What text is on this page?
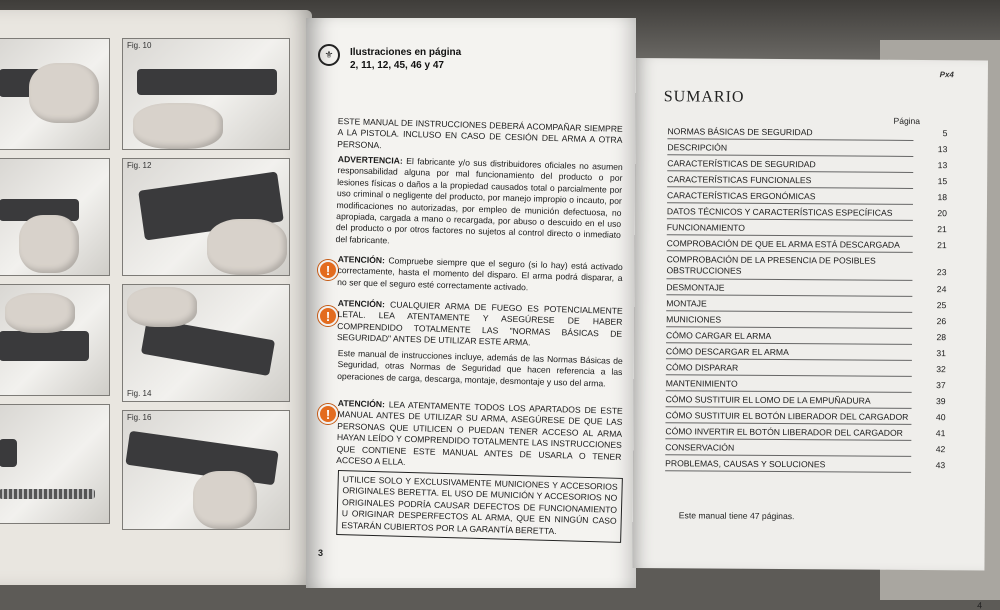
Fig. 10
Fig. 12
Fig. 14
Fig. 16
⚜	Ilustraciones en página
2, 11, 12, 45, 46 y 47
ESTE MANUAL DE INSTRUCCIONES DEBERÁ ACOMPAÑAR SIEMPRE A LA PISTOLA. INCLUSO EN CASO DE CESIÓN DEL ARMA A OTRA PERSONA.
ADVERTENCIA: El fabricante y/o sus distribuidores oficiales no asumen responsabilidad alguna por mal funcionamiento del producto o por lesiones físicas o daños a la propiedad causados total o parcialmente por uso criminal o negligente del producto, por manejo impropio o incauto, por modificaciones no autorizadas, por empleo de munición defectuosa, no apropiada, cargada a mano o recargada, por abuso o descuido en el uso del producto o por otros factores no sujetos al control directo o inmediato del fabricante.
!
ATENCIÓN: Compruebe siempre que el seguro (si lo hay) está activado correctamente, hasta el momento del disparo. El arma podrá disparar, a no ser que el seguro esté correctamente activado.
!
ATENCIÓN: CUALQUIER ARMA DE FUEGO ES POTENCIALMENTE LETAL. LEA ATENTAMENTE Y ASEGÚRESE DE HABER COMPRENDIDO TOTALMENTE LAS "NORMAS BÁSICAS DE SEGURIDAD" ANTES DE UTILIZAR ESTE ARMA.
Este manual de instrucciones incluye, además de las Normas Básicas de Seguridad, otras Normas de Seguridad que hacen referencia a las operaciones de carga, descarga, montaje, desmontaje y uso del arma.
!
ATENCIÓN: LEA ATENTAMENTE TODOS LOS APARTADOS DE ESTE MANUAL ANTES DE UTILIZAR SU ARMA, ASEGÚRESE DE QUE LAS PERSONAS QUE UTILICEN O PUEDAN TENER ACCESO AL ARMA HAYAN LEÍDO Y COMPRENDIDO TOTALMENTE LAS INSTRUCCIONES QUE CONTIENE ESTE MANUAL ANTES DE USARLA O TENER ACCESO A ELLA.
UTILICE SOLO Y EXCLUSIVAMENTE MUNICIONES Y ACCESORIOS ORIGINALES BERETTA. EL USO DE MUNICIÓN Y ACCESORIOS NO ORIGINALES PODRÍA CAUSAR DEFECTOS DE FUNCIONAMIENTO U ORIGINAR DESPERFECTOS AL ARMA, QUE EN NINGÚN CASO ESTARÁN CUBIERTOS POR LA GARANTÍA BERETTA.
3
Px4
SUMARIO
Página
NORMAS BÁSICAS DE SEGURIDAD	5
DESCRIPCIÓN	13
CARACTERÍSTICAS DE SEGURIDAD	13
CARACTERÍSTICAS FUNCIONALES	15
CARACTERÍSTICAS ERGONÓMICAS	18
DATOS TÉCNICOS Y CARACTERÍSTICAS ESPECÍFICAS	20
FUNCIONAMIENTO	21
COMPROBACIÓN DE QUE EL ARMA ESTÁ DESCARGADA	21
COMPROBACIÓN DE LA PRESENCIA DE POSIBLES OBSTRUCCIONES	23
DESMONTAJE	24
MONTAJE	25
MUNICIONES	26
CÓMO CARGAR EL ARMA	28
CÓMO DESCARGAR EL ARMA	31
CÓMO DISPARAR	32
MANTENIMIENTO	37
CÓMO SUSTITUIR EL LOMO DE LA EMPUÑADURA	39
CÓMO SUSTITUIR EL BOTÓN LIBERADOR DEL CARGADOR	40
CÓMO INVERTIR EL BOTÓN LIBERADOR DEL CARGADOR	41
CONSERVACIÓN	42
PROBLEMAS, CAUSAS Y SOLUCIONES	43
Este manual tiene 47 páginas.
4
